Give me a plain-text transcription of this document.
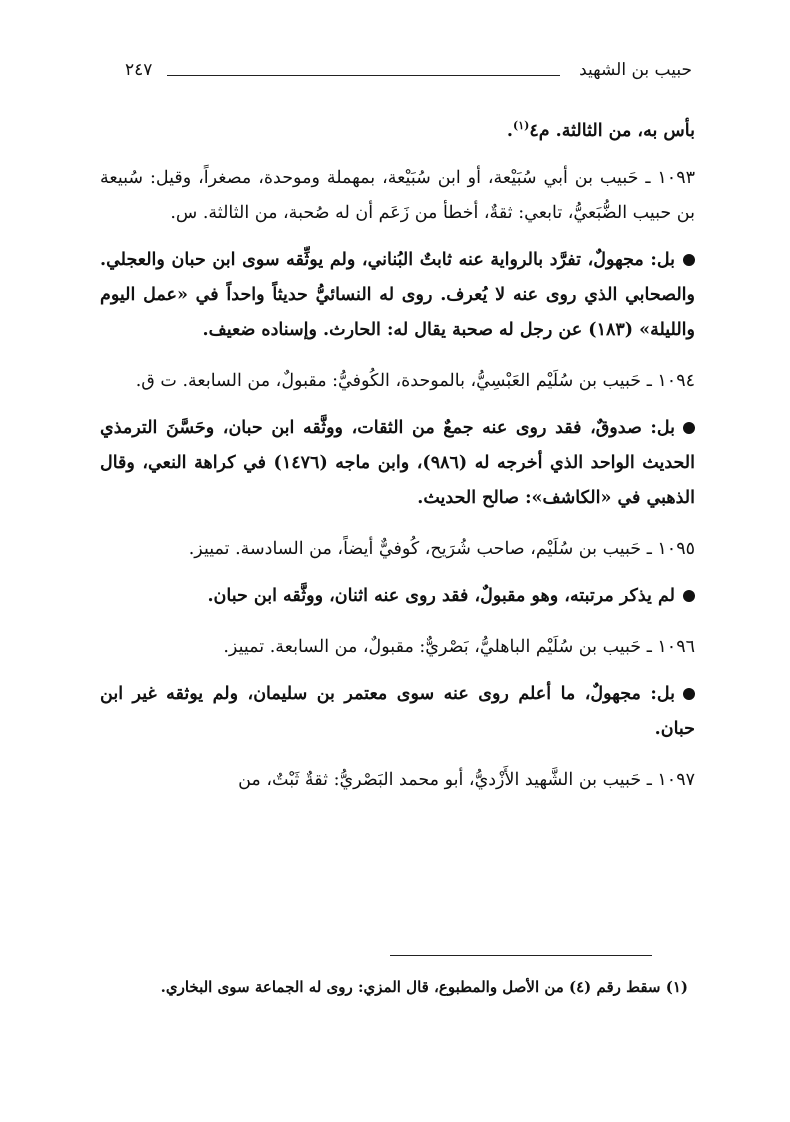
حبيب بن الشهيد
٢٤٧

بأس به، من الثالثة. م٤$^{(١)}$.

١٠٩٣ ـ حَبيب بن أبي سُبَيْعة، أو ابن سُبَيْعة، بمهملة وموحدة، مصغراً، وقيل: سُبيعة بن حبيب الضُّبَعيُّ، تابعي: ثقةٌ، أخطأ من زَعَم أن له صُحبة، من الثالثة. س.

بل: مجهولٌ، تفرَّد بالرواية عنه ثابتٌ البُناني، ولم يوثِّقه سوى ابن حبان والعجلي. والصحابي الذي روى عنه لا يُعرف. روى له النسائيُّ حديثاً واحداً في «عمل اليوم والليلة» (١٨٣) عن رجل له صحبة يقال له: الحارث. وإسناده ضعيف.

١٠٩٤ ـ حَبيب بن سُلَيْم العَبْسِيُّ، بالموحدة، الكُوفيُّ: مقبولٌ، من السابعة. ت ق.

بل: صدوقٌ، فقد روى عنه جمعٌ من الثقات، ووثَّقه ابن حبان، وحَسَّنَ الترمذي الحديث الواحد الذي أخرجه له (٩٨٦)، وابن ماجه (١٤٧٦) في كراهة النعي، وقال الذهبي في «الكاشف»: صالح الحديث.

١٠٩٥ ـ حَبيب بن سُلَيْم، صاحب شُرَيح، كُوفيٌّ أيضاً، من السادسة. تمييز.

لم يذكر مرتبته، وهو مقبولٌ، فقد روى عنه اثنان، ووثَّقه ابن حبان.

١٠٩٦ ـ حَبيب بن سُلَيْم الباهليُّ، بَصْريٌّ: مقبولٌ، من السابعة. تمييز.

بل: مجهولٌ، ما أعلم روى عنه سوى معتمر بن سليمان، ولم يوثقه غير ابن حبان.

١٠٩٧ ـ حَبيب بن الشَّهيد الأَزْديُّ، أبو محمد البَصْريُّ: ثقةٌ ثَبْتٌ، من

(١) سقط رقم (٤) من الأصل والمطبوع، قال المزي: روى له الجماعة سوى البخاري.
